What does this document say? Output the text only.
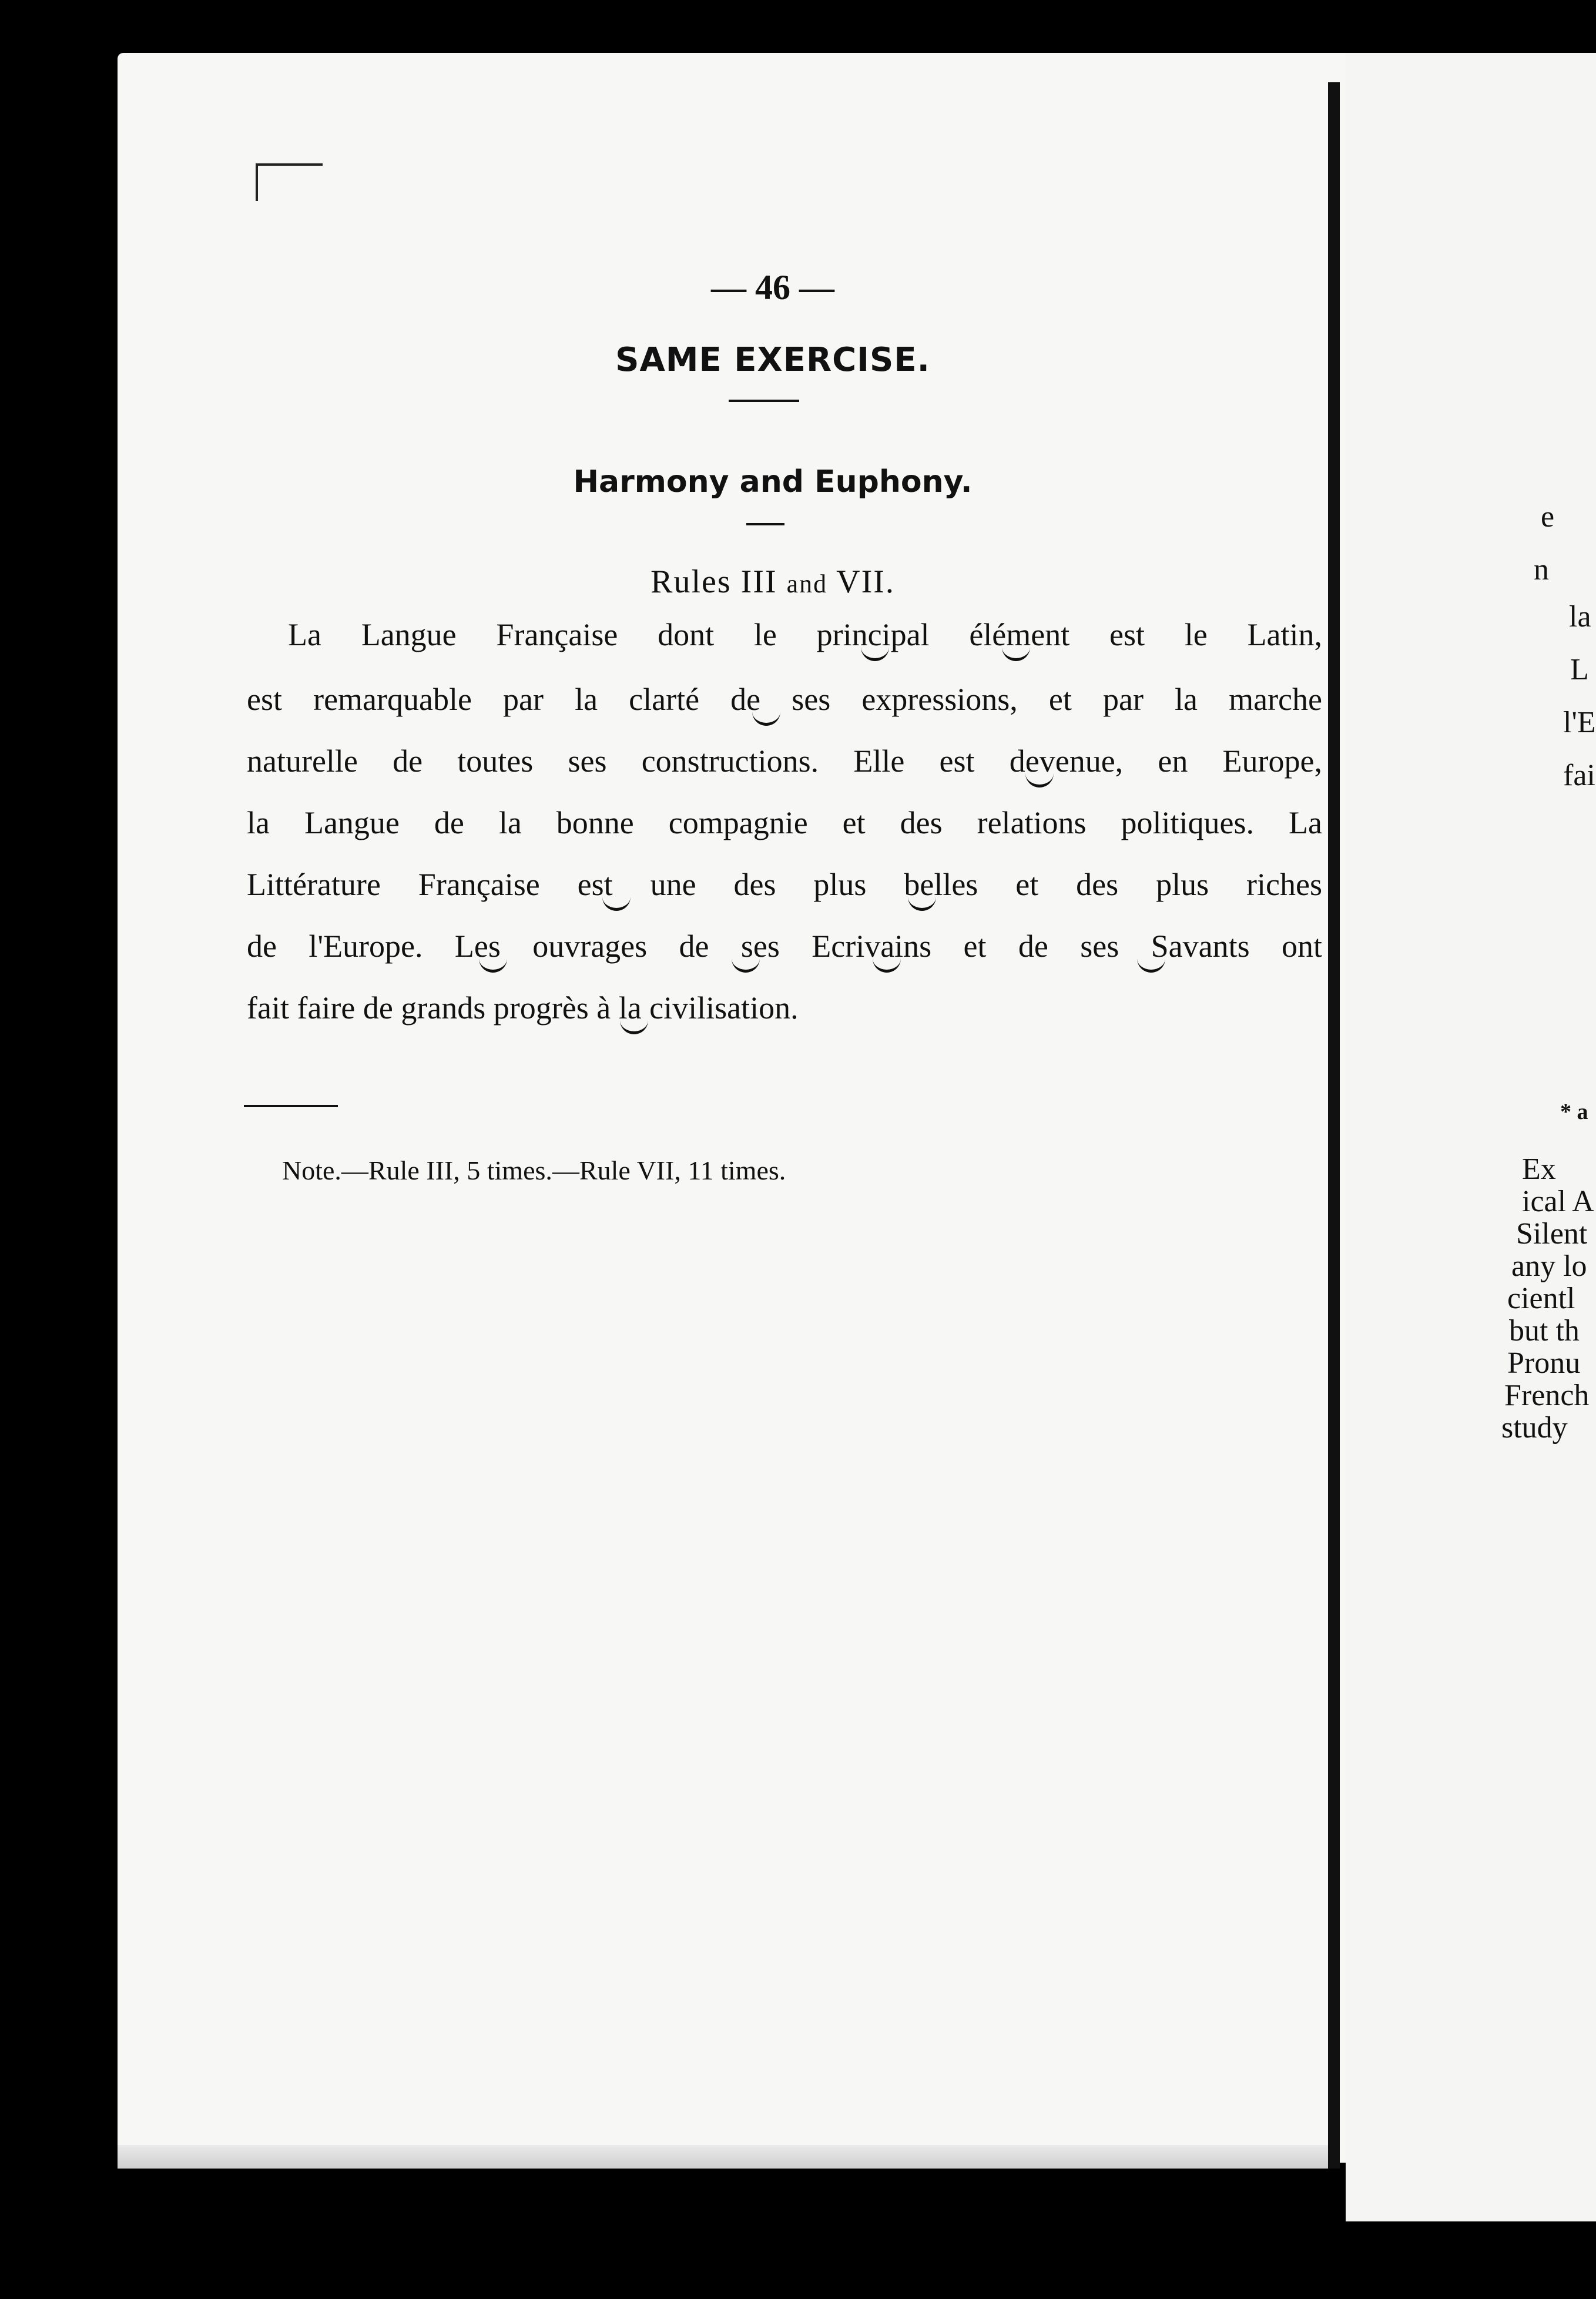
— 46 —
SAME EXERCISE.
Harmony and Euphony.
Rules III and VII.
La Langue Française dont le principal élément est le Latin,
est remarquable par la clarté de ses expressions, et par la marche
naturelle de toutes ses constructions. Elle est devenue, en Europe,
la Langue de la bonne compagnie et des relations politiques. La
Littérature Française est une des plus belles et des plus riches
de l'Europe. Les ouvrages de ses Ecrivains et de ses Savants ont
fait faire de grands progrès à la civilisation.
Note.—Rule III, 5 times.—Rule VII, 11 times.
e
n
la
L
l'E
fai
* a
Ex
ical A
Silent
any lo
cientl
but th
Pronu
French
study
